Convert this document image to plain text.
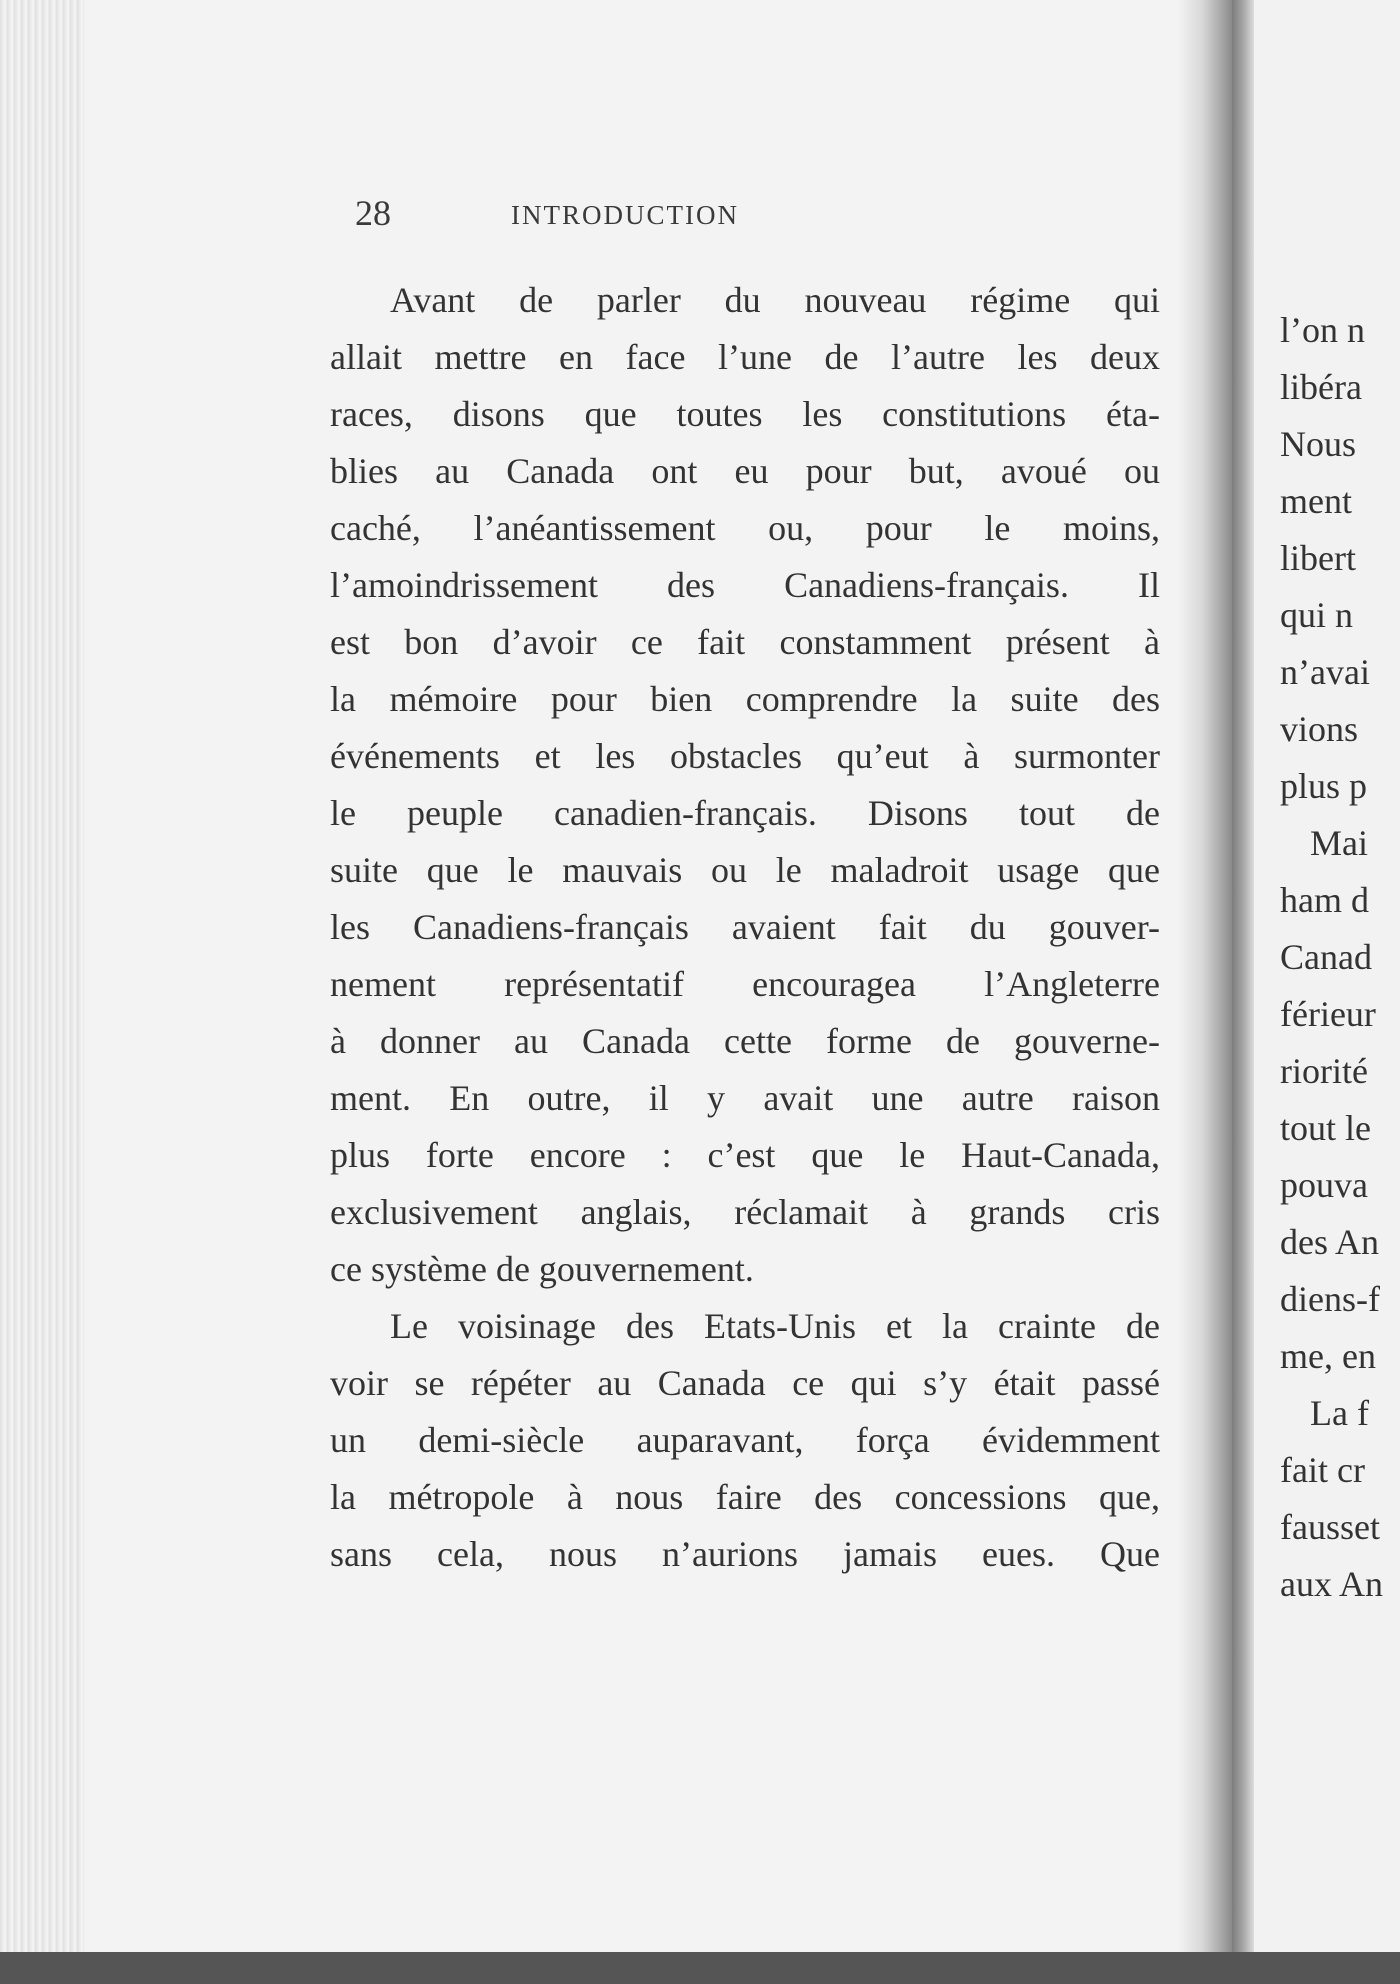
28	INTRODUCTION
Avant de parler du nouveau régime qui
allait mettre en face l’une de l’autre les deux
races, disons que toutes les constitutions éta-
blies au Canada ont eu pour but, avoué ou
caché, l’anéantissement ou, pour le moins,
l’amoindrissement des Canadiens-français. Il
est bon d’avoir ce fait constamment présent à
la mémoire pour bien comprendre la suite des
événements et les obstacles qu’eut à surmonter
le peuple canadien-français. Disons tout de
suite que le mauvais ou le maladroit usage que
les Canadiens-français avaient fait du gouver-
nement représentatif encouragea l’Angleterre
à donner au Canada cette forme de gouverne-
ment. En outre, il y avait une autre raison
plus forte encore : c’est que le Haut-Canada,
exclusivement anglais, réclamait à grands cris
ce système de gouvernement.
Le voisinage des Etats-Unis et la crainte de
voir se répéter au Canada ce qui s’y était passé
un demi-siècle auparavant, força évidemment
la métropole à nous faire des concessions que,
sans cela, nous n’aurions jamais eues. Que
l’on n
libéra
Nous
ment
libert
qui n
n’avai
vions
plus p
Mai
ham d
Canad
férieur
riorité
tout le
pouva
des An
diens-f
me, en
La f
fait cr
fausset
aux An
